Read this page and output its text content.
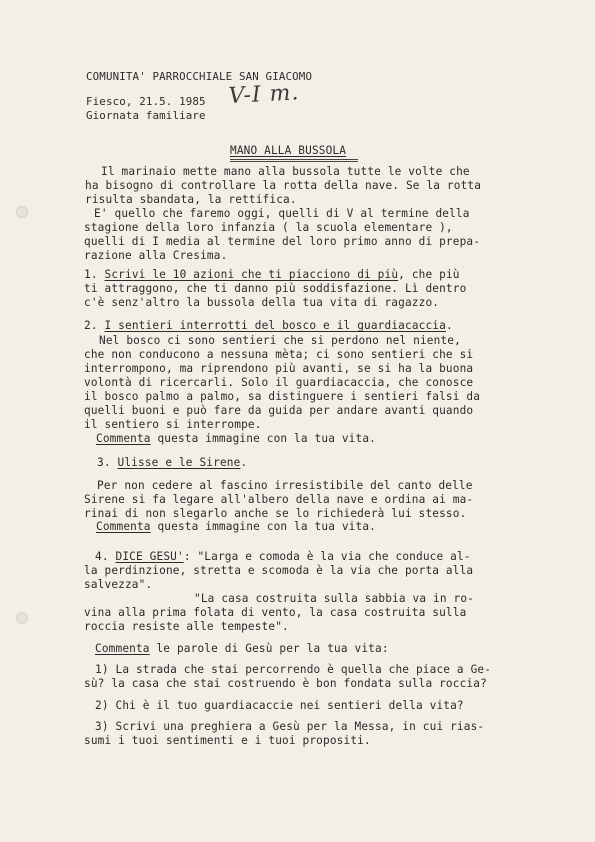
COMUNITA' PARROCCHIALE SAN GIACOMO
Fiesco, 21.5. 1985
Giornata familiare
V-I m.
MANO ALLA BUSSOLA
Il marinaio mette mano alla bussola tutte le volte che
ha bisogno di controllare la rotta della nave. Se la rotta
risulta sbandata, la rettifica.
E' quello che faremo oggi, quelli di V al termine della
stagione della loro infanzia ( la scuola elementare ),
quelli di I media al termine del loro primo anno di prepa-
razione alla Cresima.
1. Scrivi le 10 azioni che ti piacciono di più, che più
ti attraggono, che ti danno più soddisfazione. Lì dentro
c'è senz'altro la bussola della tua vita di ragazzo.
2. I sentieri interrotti del bosco e il guardiacaccia.
Nel bosco ci sono sentieri che si perdono nel niente,
che non conducono a nessuna mèta; ci sono sentieri che si
interrompono, ma riprendono più avanti, se si ha la buona
volontà di ricercarli. Solo il guardiacaccia, che conosce
il bosco palmo a palmo, sa distinguere i sentieri falsi da
quelli buoni e può fare da guida per andare avanti quando
il sentiero si interrompe.
Commenta questa immagine con la tua vita.
3. Ulisse e le Sirene.
Per non cedere al fascino irresistibile del canto delle
Sirene si fa legare all'albero della nave e ordina ai ma-
rinai di non slegarlo anche se lo richiederà lui stesso.
Commenta questa immagine con la tua vita.
4. DICE GESU': "Larga e comoda è la via che conduce al-
la perdinzione, stretta e scomoda è la via che porta alla
salvezza".
"La casa costruita sulla sabbia va in ro-
vina alla prima folata di vento, la casa costruita sulla
roccia resiste alle tempeste".
Commenta le parole di Gesù per la tua vita:
1) La strada che stai percorrendo è quella che piace a Ge-
sù? la casa che stai costruendo è bon fondata sulla roccia?
2) Chi è il tuo guardiacaccie nei sentieri della vita?
3) Scrivi una preghiera a Gesù per la Messa, in cui rias-
sumi i tuoi sentimenti e i tuoi propositi.
